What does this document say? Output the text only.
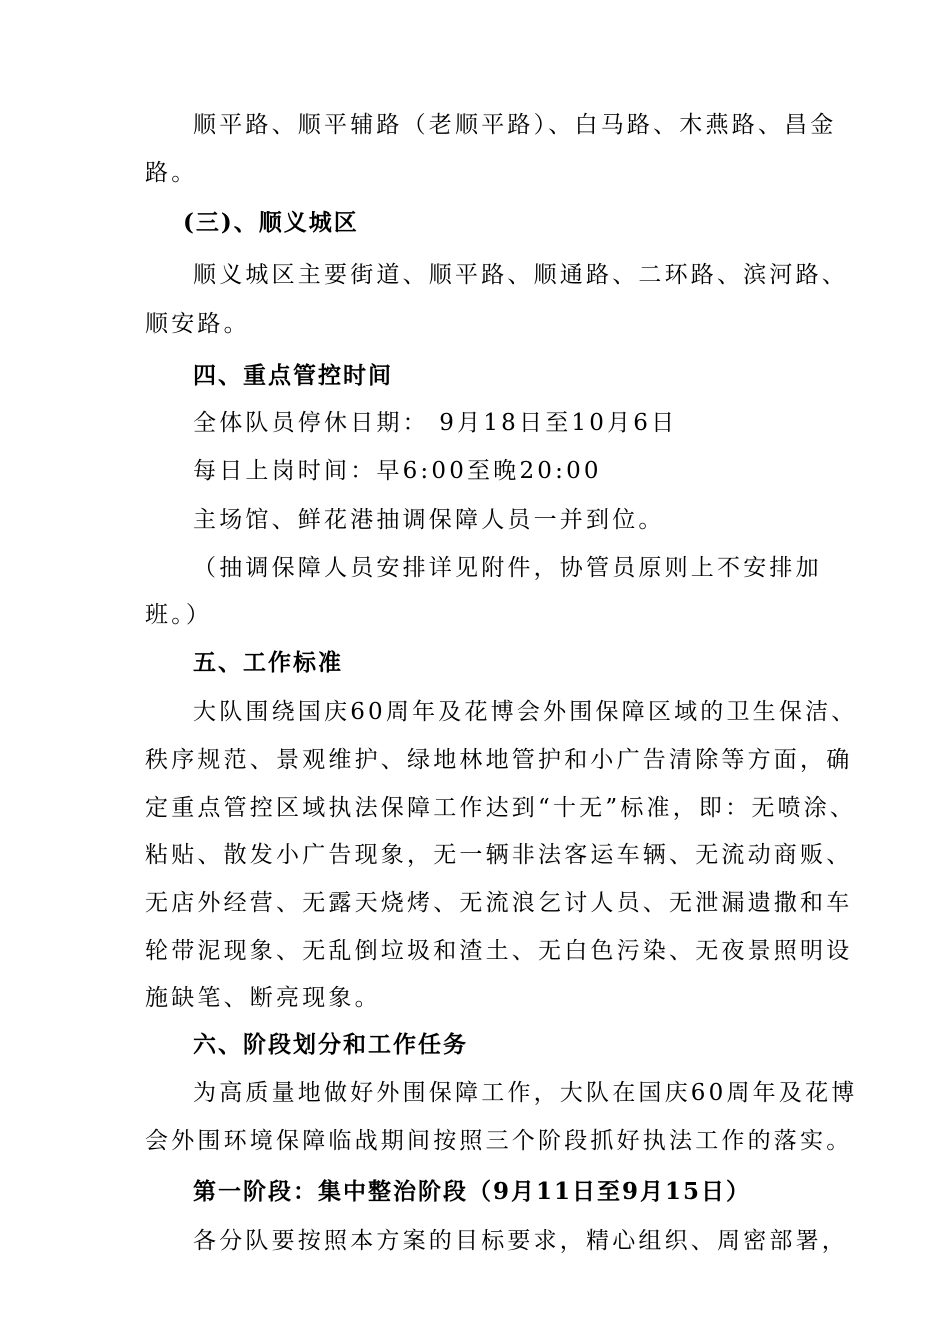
顺平路、顺平辅路（老顺平路）、白马路、木燕路、昌金
路。
(三)、顺义城区
顺义城区主要街道、顺平路、顺通路、二环路、滨河路、
顺安路。
四、重点管控时间
全体队员停休日期： 9月18日至10月6日
每日上岗时间：早6:00至晚20:00
主场馆、鲜花港抽调保障人员一并到位。
（抽调保障人员安排详见附件，协管员原则上不安排加
班。）
五、工作标准
大队围绕国庆60周年及花博会外围保障区域的卫生保洁、
秩序规范、景观维护、绿地林地管护和小广告清除等方面，确
定重点管控区域执法保障工作达到“十无”标准，即：无喷涂、
粘贴、散发小广告现象，无一辆非法客运车辆、无流动商贩、
无店外经营、无露天烧烤、无流浪乞讨人员、无泄漏遗撒和车
轮带泥现象、无乱倒垃圾和渣土、无白色污染、无夜景照明设
施缺笔、断亮现象。
六、阶段划分和工作任务
为高质量地做好外围保障工作，大队在国庆60周年及花博
会外围环境保障临战期间按照三个阶段抓好执法工作的落实。
第一阶段：集中整治阶段（9月11日至9月15日）
各分队要按照本方案的目标要求，精心组织、周密部署，
